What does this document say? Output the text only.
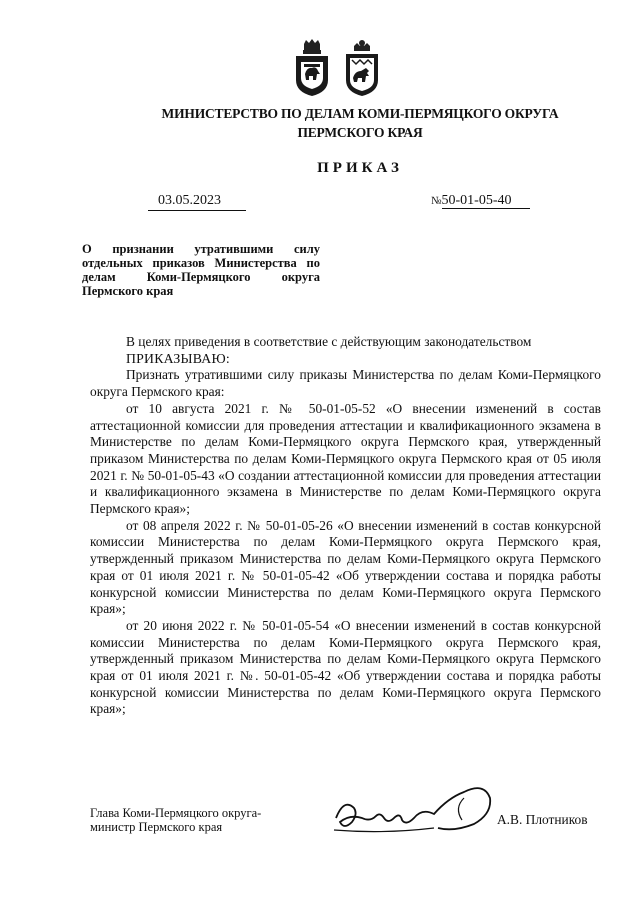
МИНИСТЕРСТВО ПО ДЕЛАМ КОМИ-ПЕРМЯЦКОГО ОКРУГА
ПЕРМСКОГО КРАЯ
ПРИКАЗ
03.05.2023	№50-01-05-40
О признании утратившими силу отдельных приказов Министерства по делам Коми-Пермяцкого округа Пермского края

В целях приведения в соответствие с действующим законодательством

ПРИКАЗЫВАЮ:

Признать утратившими силу приказы Министерства по делам Коми-Пермяцкого округа Пермского края:

от 10 августа 2021 г. № 50-01-05-52 «О внесении изменений в состав аттестационной комиссии для проведения аттестации и квалификационного экзамена в Министерстве по делам Коми-Пермяцкого округа Пермского края, утвержденный приказом Министерства по делам Коми-Пермяцкого округа Пермского края от 05 июля 2021 г. № 50-01-05-43 «О создании аттестационной комиссии для проведения аттестации и квалификационного экзамена в Министерстве по делам Коми-Пермяцкого округа Пермского края»;

от 08 апреля 2022 г. № 50-01-05-26 «О внесении изменений в состав конкурсной комиссии Министерства по делам Коми-Пермяцкого округа Пермского края, утвержденный приказом Министерства по делам Коми-Пермяцкого округа Пермского края от 01 июля 2021 г. № 50-01-05-42 «Об утверждении состава и порядка работы конкурсной комиссии Министерства по делам Коми-Пермяцкого округа Пермского края»;

от 20 июня 2022 г. № 50-01-05-54 «О внесении изменений в состав конкурсной комиссии Министерства по делам Коми-Пермяцкого округа Пермского края, утвержденный приказом Министерства по делам Коми-Пермяцкого округа Пермского края от 01 июля 2021 г. №. 50-01-05-42 «Об утверждении состава и порядка работы конкурсной комиссии Министерства по делам Коми-Пермяцкого округа Пермского края»;

Глава Коми-Пермяцкого округа-
министр Пермского края	А.В. Плотников
